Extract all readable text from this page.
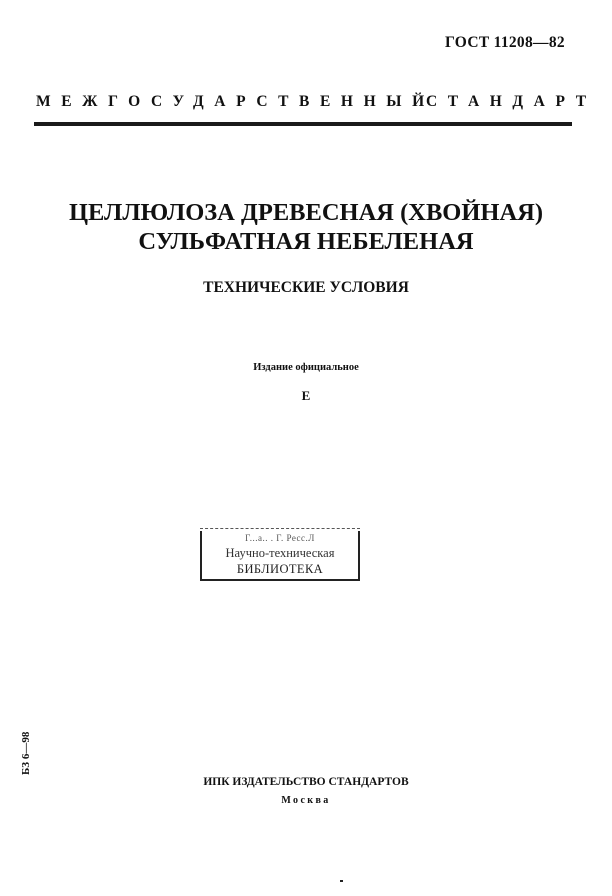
ГОСТ 11208—82
МЕЖГОСУДАРСТВЕННЫЙ
СТАНДАРТ
ЦЕЛЛЮЛОЗА ДРЕВЕСНАЯ (ХВОЙНАЯ)
СУЛЬФАТНАЯ НЕБЕЛЕНАЯ
ТЕХНИЧЕСКИЕ УСЛОВИЯ
Издание официальное
Е
Г...а.. . Г. Ресс.Л
Научно-техническая
БИБЛИОТЕКА
БЗ 6—98
ИПК ИЗДАТЕЛЬСТВО СТАНДАРТОВ
Москва
